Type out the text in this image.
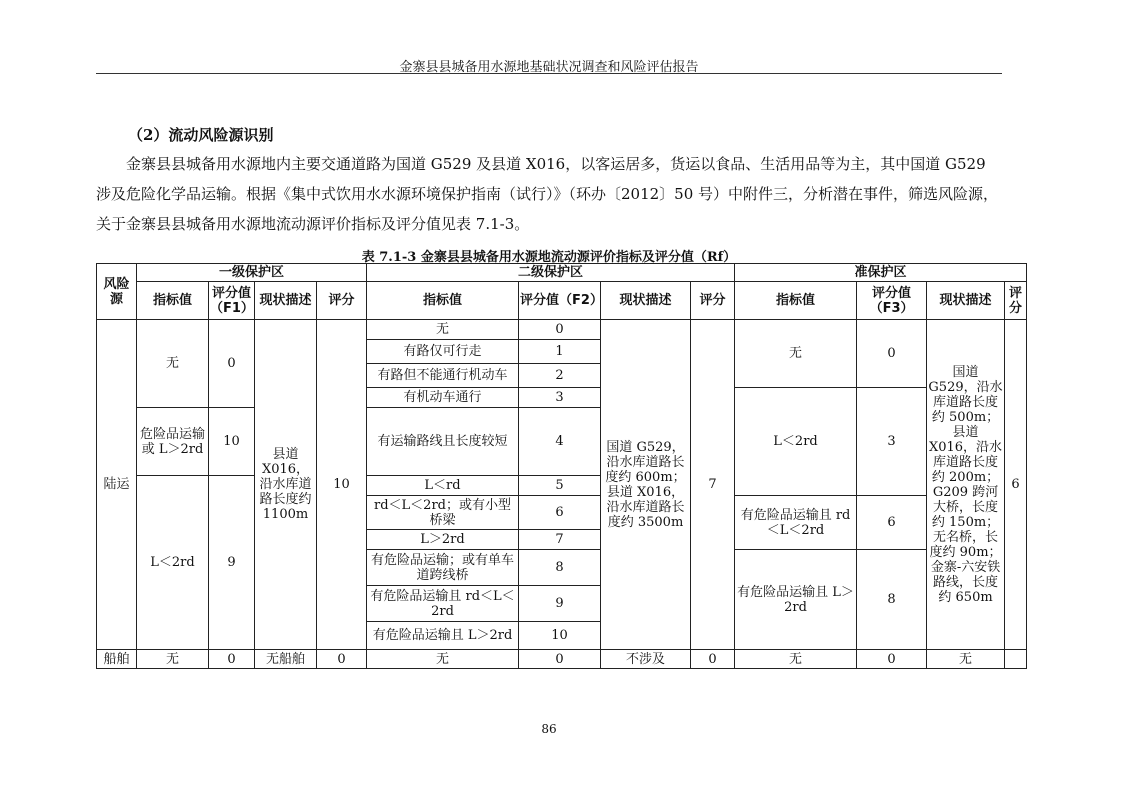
金寨县县城备用水源地基础状况调查和风险评估报告
（2）流动风险源识别

金寨县县城备用水源地内主要交通道路为国道 G529 及县道 X016，以客运居多，货运以食品、生活用品等为主，其中国道 G529 涉及危险化学品运输。根据《集中式饮用水水源环境保护指南（试行）》（环办〔2012〕50 号）中附件三，分析潜在事件，筛选风险源，关于金寨县县城备用水源地流动源评价指标及评分值见表 7.1-3。

表 7.1-3 金寨县县城备用水源地流动源评价指标及评分值（Rf）
风险源	一级保护区				二级保护区				准保护区			
	指标值	评分值（F1）	现状描述	评分	指标值	评分值（F2）	现状描述	评分	指标值	评分值（F3）	现状描述	评分
陆运	无	0	县道X016，沿水库道路长度约1100m	10	无	0	国道 G529，沿水库道路长度约 600m；县道 X016，沿水库道路长度约 3500m	7	无	0	国道 G529，沿水库道路长度约 500m；县道 X016，沿水库道路长度约 200m；G209 跨河大桥，长度约 150m；无名桥，长度约 90m；金寨-六安铁路线，长度约 650m	6
					有路仅可行走	1						
					有路但不能通行机动车	2						
					有机动车通行	3			L＜2rd	3		
	危险品运输或 L＞2rd	10			有运输路线且长度较短	4						
	L＜2rd	9			L＜rd	5						
					rd＜L＜2rd；或有小型桥梁	6			有危险品运输且 rd＜L＜2rd	6		
					L＞2rd	7						
					有危险品运输；或有单车道跨线桥	8			有危险品运输且 L＞2rd	8		
					有危险品运输且 rd＜L＜2rd	9						
					有危险品运输且 L＞2rd	10						
船舶	无	0	无船舶	0	无	0	不涉及	0	无	0	无	
86
